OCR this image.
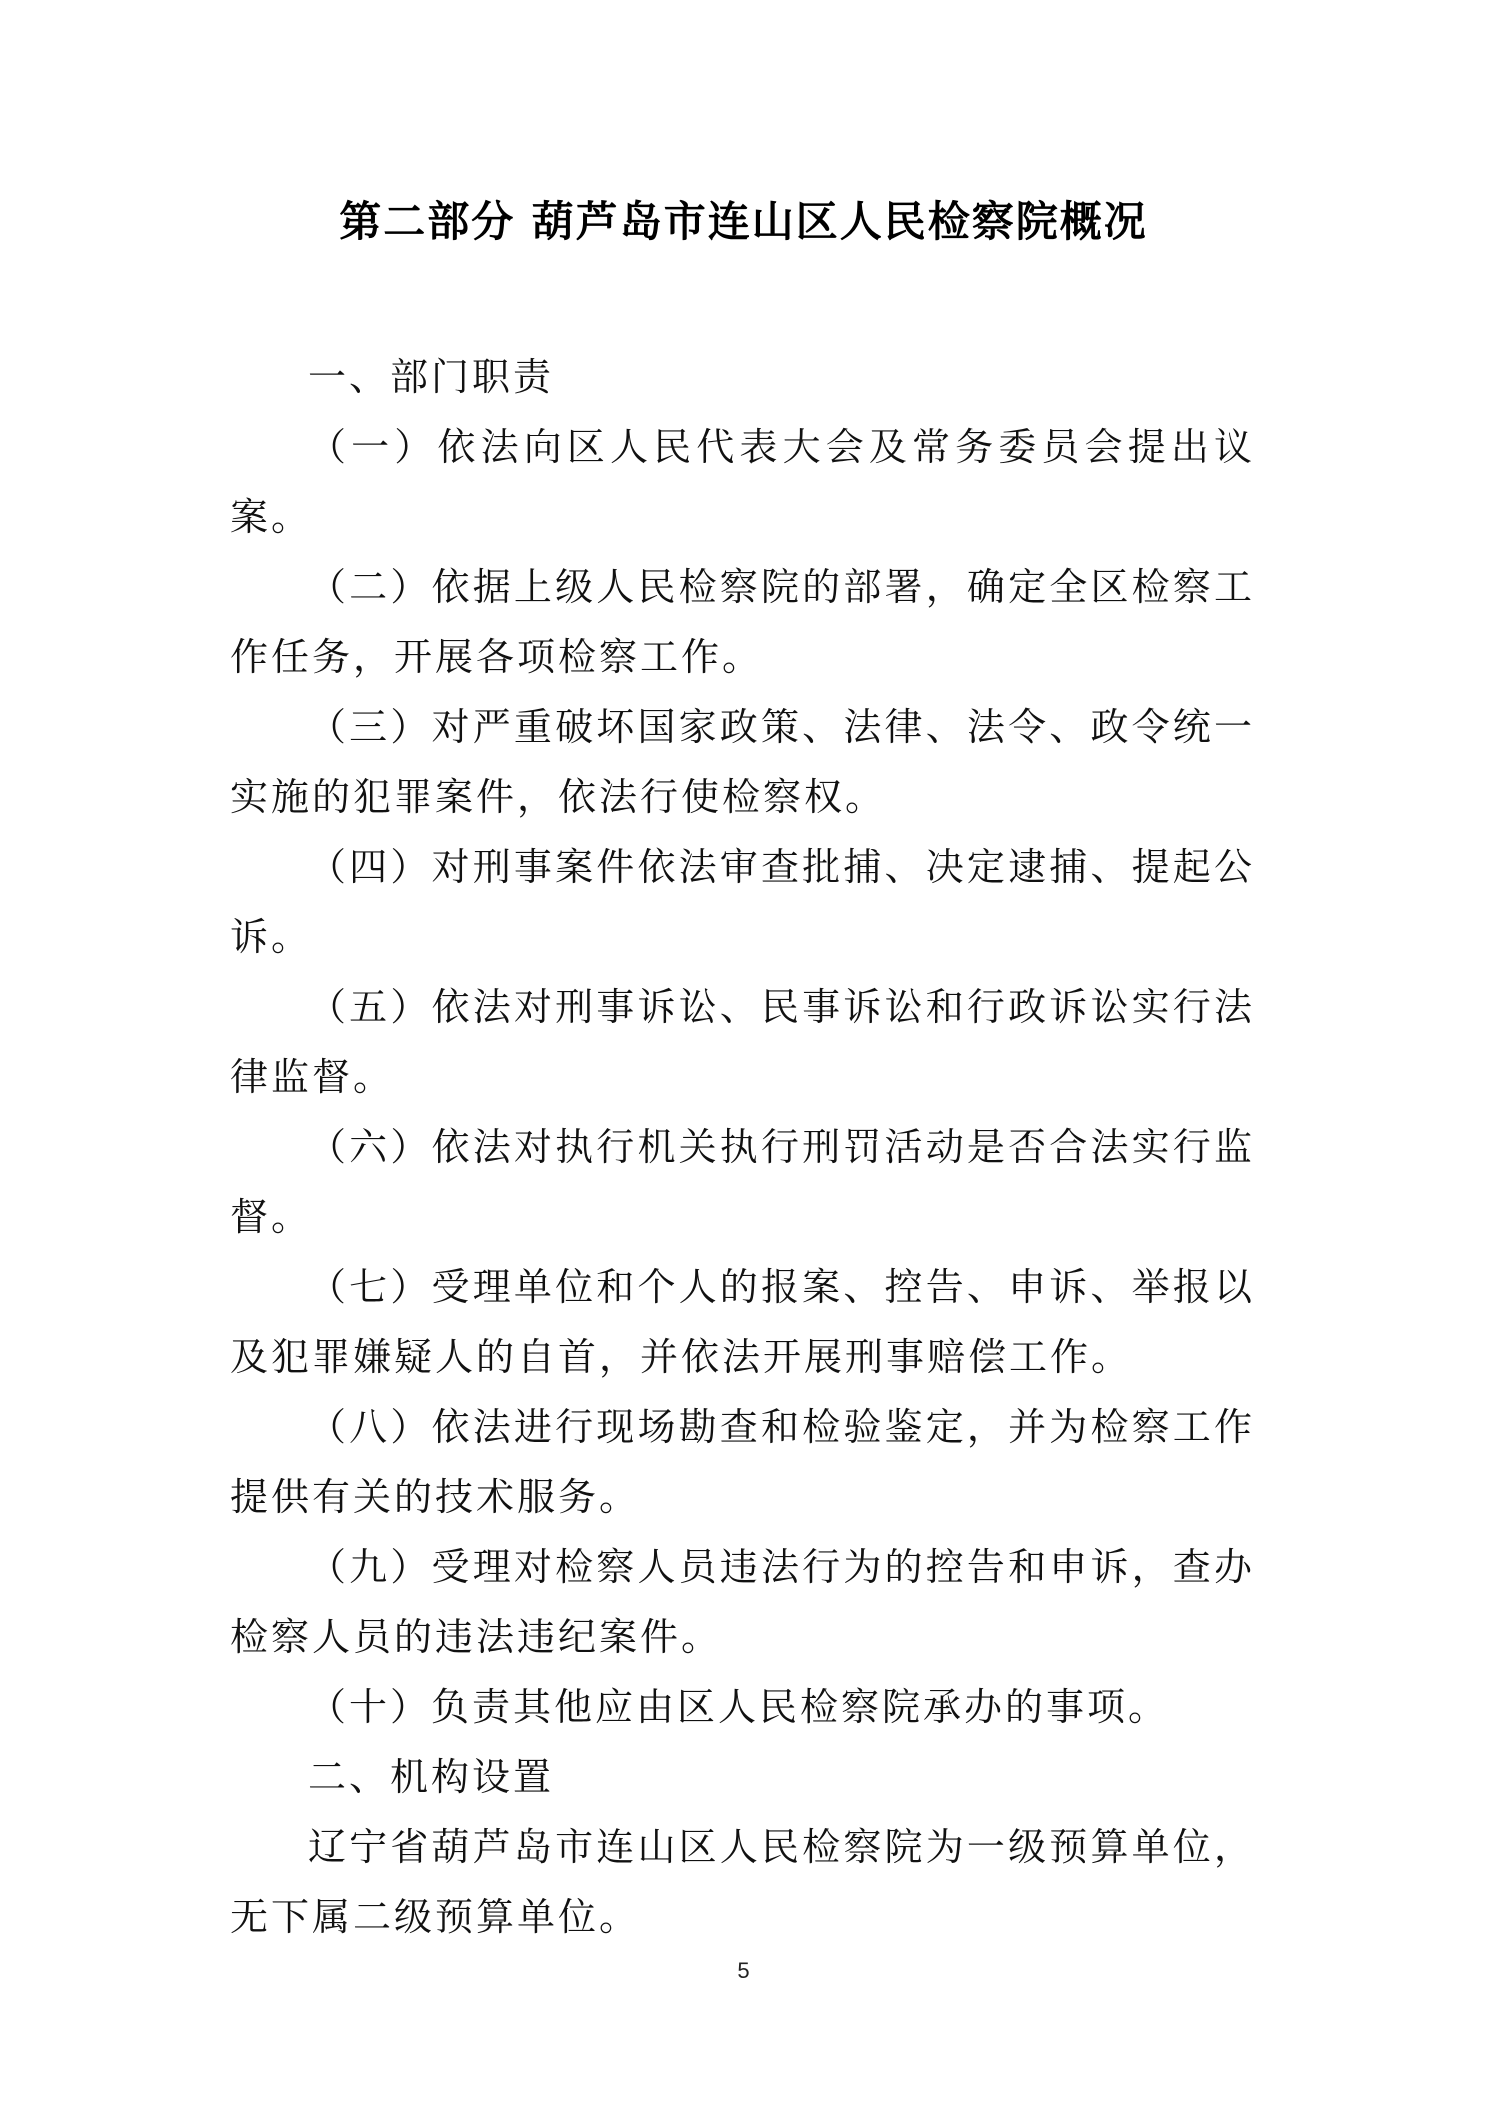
第二部分 葫芦岛市连山区人民检察院概况

一、部门职责

（一）依法向区人民代表大会及常务委员会提出议案。

（二）依据上级人民检察院的部署，确定全区检察工作任务，开展各项检察工作。

（三）对严重破坏国家政策、法律、法令、政令统一实施的犯罪案件，依法行使检察权。

（四）对刑事案件依法审查批捕、决定逮捕、提起公诉。

（五）依法对刑事诉讼、民事诉讼和行政诉讼实行法律监督。

（六）依法对执行机关执行刑罚活动是否合法实行监督。

（七）受理单位和个人的报案、控告、申诉、举报以及犯罪嫌疑人的自首，并依法开展刑事赔偿工作。

（八）依法进行现场勘查和检验鉴定，并为检察工作提供有关的技术服务。

（九）受理对检察人员违法行为的控告和申诉，查办检察人员的违法违纪案件。

（十）负责其他应由区人民检察院承办的事项。

二、机构设置

辽宁省葫芦岛市连山区人民检察院为一级预算单位，无下属二级预算单位。

5
